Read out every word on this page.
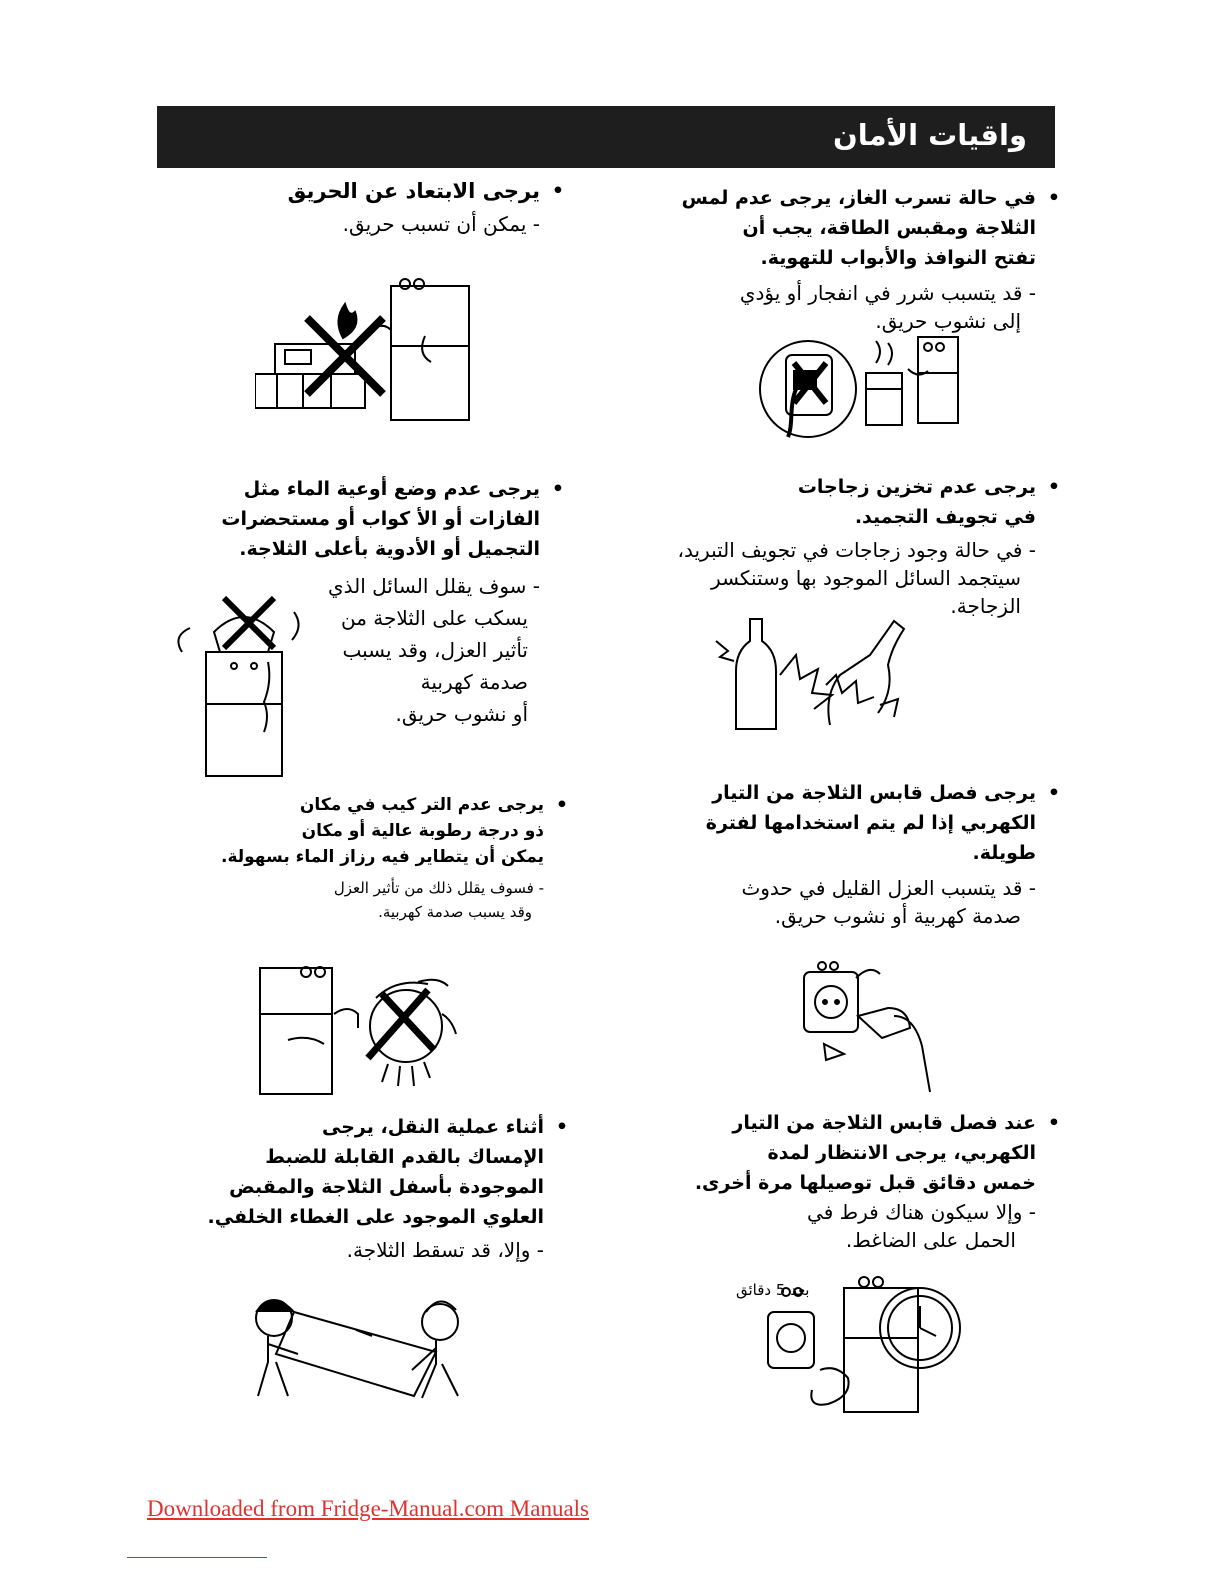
واقيات الأمان
•
في حالة تسرب الغاز، يرجى عدم لمس
الثلاجة ومقبس الطاقة، يجب أن
تفتح النوافذ والأبواب للتهوية.
- قد يتسبب شرر في انفجار أو يؤدي
إلى نشوب حريق.
•
يرجى الابتعاد عن الحريق
- يمكن أن تسبب حريق.
•
يرجى عدم تخزين زجاجات
في تجويف التجميد.
- في حالة وجود زجاجات في تجويف التبريد،
سيتجمد السائل الموجود بها وستنكسر
الزجاجة.
•
يرجى عدم وضع أوعية الماء مثل
الفازات أو الأ كواب أو مستحضرات
التجميل أو الأدوية بأعلى الثلاجة.
- سوف يقلل السائل الذي
يسكب على الثلاجة من
تأثير العزل، وقد يسبب
صدمة كهربية
أو نشوب حريق.
•
يرجى فصل قابس الثلاجة من التيار
الكهربي إذا لم يتم استخدامها لفترة
طويلة.
- قد يتسبب العزل القليل في حدوث
صدمة كهربية أو نشوب حريق.
•
يرجى عدم التر كيب في مكان
ذو درجة رطوبة عالية أو مكان
يمكن أن يتطاير فيه رزاز الماء بسهولة.
- فسوف يقلل ذلك من تأثير العزل
وقد يسبب صدمة كهربية.
•
عند فصل قابس الثلاجة من التيار
الكهربي، يرجى الانتظار لمدة
خمس دقائق قبل توصيلها مرة أخرى.
- وإلا سيكون هناك فرط في
الحمل على الضاغط.
بعد 5 دقائق
•
أثناء عملية النقل، يرجى
الإمساك بالقدم القابلة للضبط
الموجودة بأسفل الثلاجة والمقبض
العلوي الموجود على الغطاء الخلفي.
- وإلا، قد تسقط الثلاجة.
Downloaded from Fridge-Manual.com Manuals
